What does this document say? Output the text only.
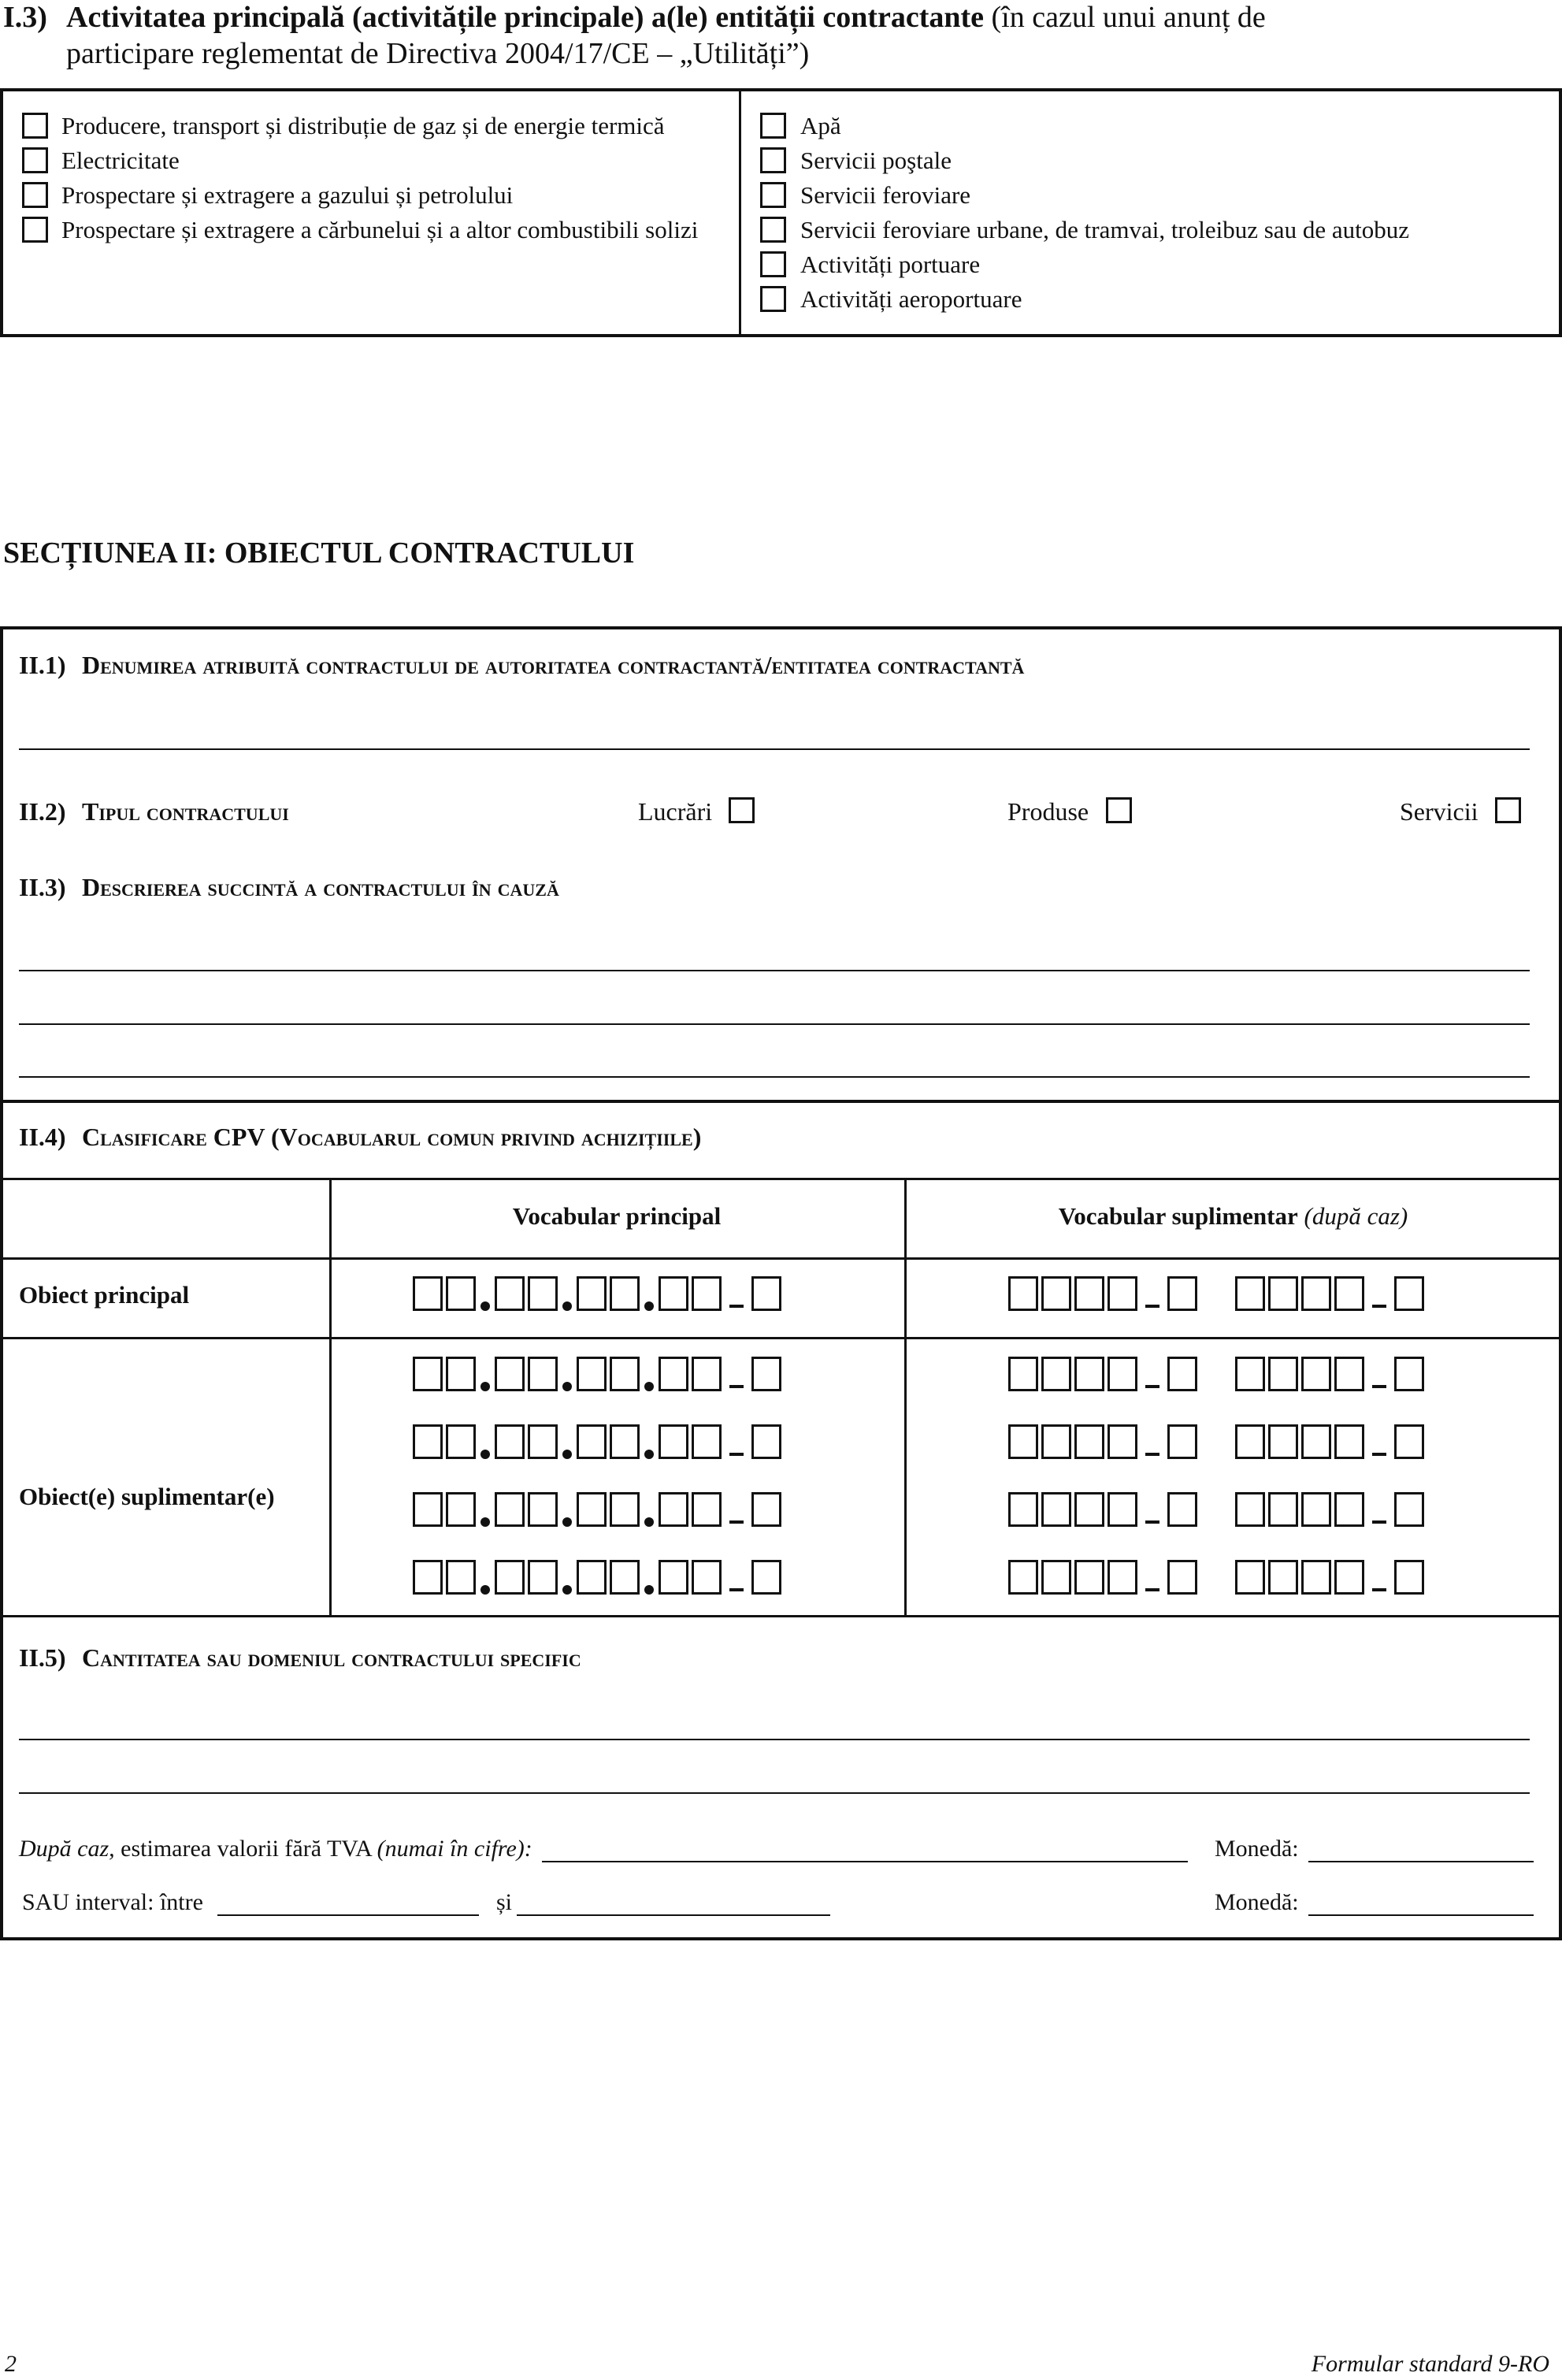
I.3) Activitatea principală (activitățile principale) a(le) entității contractante (în cazul unui anunț de
participare reglementat de Directiva 2004/17/CE – „Utilități”)
Producere, transport și distribuție de gaz și de energie termică
Electricitate
Prospectare și extragere a gazului și petrolului
Prospectare și extragere a cărbunelui și a altor combustibili solizi
Apă
Servicii poştale
Servicii feroviare
Servicii feroviare urbane, de tramvai, troleibuz sau de autobuz
Activități portuare
Activități aeroportuare
SECȚIUNEA II: OBIECTUL CONTRACTULUI
II.1) Denumirea atribuită contractului de autoritatea contractantă/entitatea contractantă
II.2) Tipul contractului	Lucrări	Produse	Servicii
II.3) Descrierea succintă a contractului în cauză
II.4) Clasificare CPV (Vocabularul comun privind achizițiile)
Vocabular principal	Vocabular suplimentar (după caz)
Obiect principal
Obiect(e) suplimentar(e)
II.5) Cantitatea sau domeniul contractului specific
După caz, estimarea valorii fără TVA (numai în cifre):	Monedă:
SAU interval: între	și	Monedă:
2	Formular standard 9-RO
